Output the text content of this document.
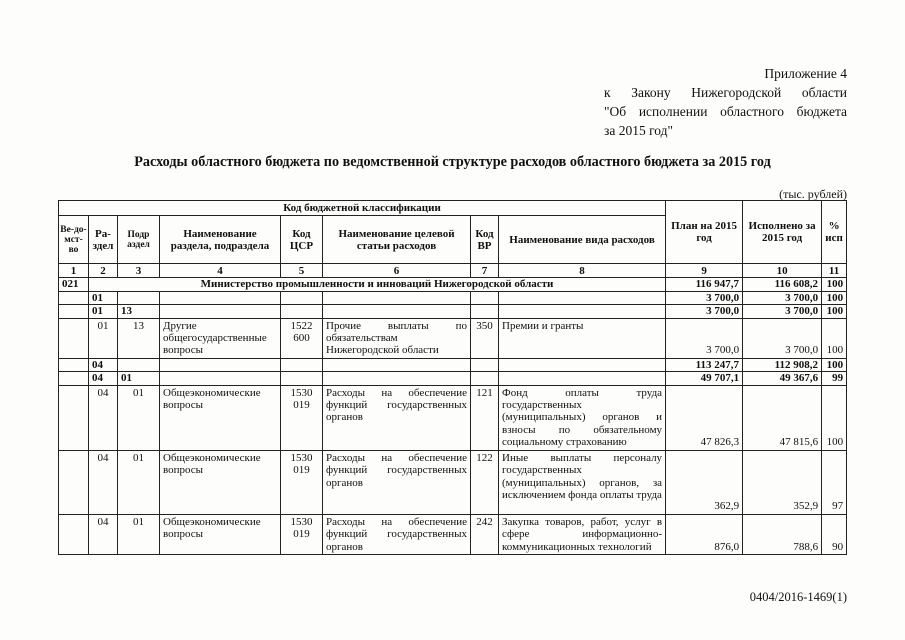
Приложение 4
к Закону Нижегородской области
"Об исполнении областного бюджета
за 2015 год"
Расходы областного бюджета по ведомственной структуре расходов областного бюджета за 2015 год
(тыс. рублей)
Код бюджетной классификации								План на 2015 год	Исполнено за 2015 год	% исп
Ве-до-мст-во	Ра-здел	Подр аздел	Наименование раздела, подраздела	Код ЦСР	Наименование целевой статьи расходов	Код ВР	Наименование вида расходов			
1	2	3	4	5	6	7	8	9	10	11
021	Министерство промышленности и инноваций Нижегородской области							116 947,7	116 608,2	100
	01							3 700,0	3 700,0	100
	01	13						3 700,0	3 700,0	100
	01	13	Другие общегосударственные вопросы	1522 600	Прочие выплаты по обязательствам Нижегородской области	350	Премии и гранты	3 700,0	3 700,0	100
	04							113 247,7	112 908,2	100
	04	01						49 707,1	49 367,6	99
	04	01	Общеэкономические вопросы	1530 019	Расходы на обеспечение функций государственных органов	121	Фонд оплаты труда государственных (муниципальных) органов и взносы по обязательному социальному страхованию	47 826,3	47 815,6	100
	04	01	Общеэкономические вопросы	1530 019	Расходы на обеспечение функций государственных органов	122	Иные выплаты персоналу государственных (муниципальных) органов, за исключением фонда оплаты труда	362,9	352,9	97
	04	01	Общеэкономические вопросы	1530 019	Расходы на обеспечение функций государственных органов	242	Закупка товаров, работ, услуг в сфере информационно-коммуникационных технологий	876,0	788,6	90
0404/2016-1469(1)
